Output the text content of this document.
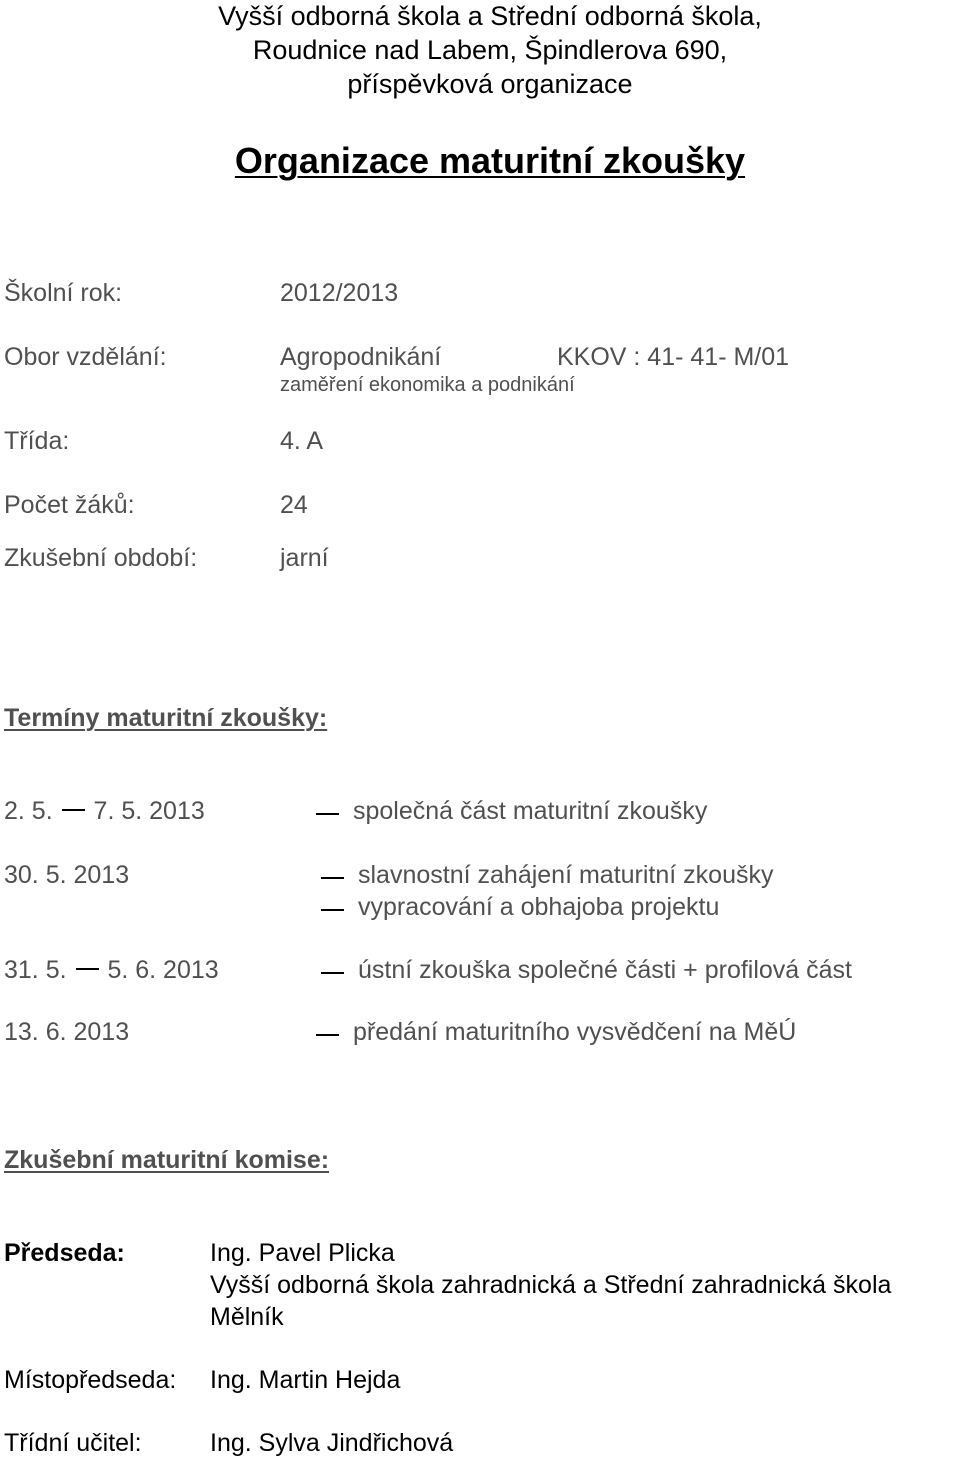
Vyšší odborná škola a Střední odborná škola,
Roudnice nad Labem, Špindlerova 690,
příspěvková organizace
Organizace maturitní zkoušky
Školní rok:	2012/2013
Obor vzdělání:	Agropodnikání	KKOV : 41- 41- M/01
zaměření ekonomika a podnikání
Třída:	4. A
Počet žáků:	24
Zkušební období:	jarní
Termíny maturitní zkoušky:
2. 5.  7. 5. 2013	společná část maturitní zkoušky
30. 5. 2013	slavnostní zahájení maturitní zkoušky
vypracování a obhajoba projektu
31. 5.  5. 6. 2013	ústní zkouška společné části + profilová část
13. 6. 2013	předání maturitního vysvědčení na MěÚ
Zkušební maturitní komise:
Předseda:	Ing. Pavel Plicka
Vyšší odborná škola zahradnická a Střední zahradnická škola
Mělník
Místopředseda: Ing. Martin Hejda
Třídní učitel:	Ing. Sylva Jindřichová
